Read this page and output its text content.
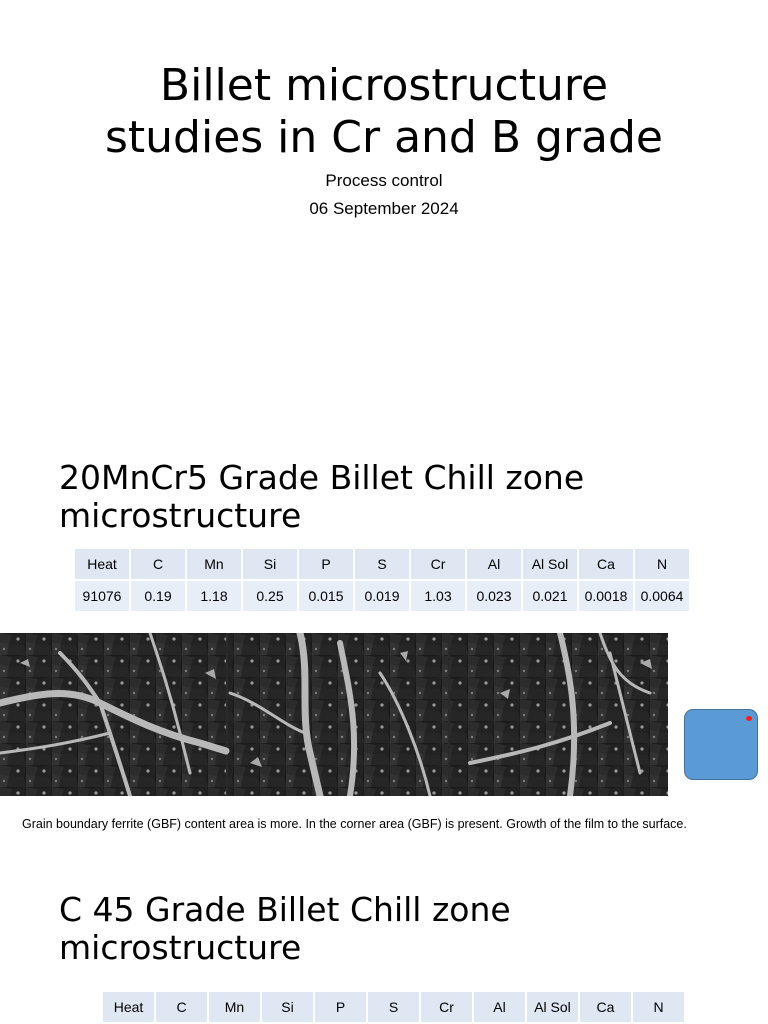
Billet microstructure studies in Cr and B grade
Process control
06 September 2024
20MnCr5 Grade Billet Chill zone microstructure
Heat	C	Mn	Si	P	S	Cr	Al	Al Sol	Ca	N
91076	0.19	1.18	0.25	0.015	0.019	1.03	0.023	0.021	0.0018	0.0064
Grain boundary ferrite (GBF) content area is more. In the corner area (GBF) is present. Growth of the film to the surface.
C 45 Grade Billet Chill zone microstructure
Heat	C	Mn	Si	P	S	Cr	Al	Al Sol	Ca	N
